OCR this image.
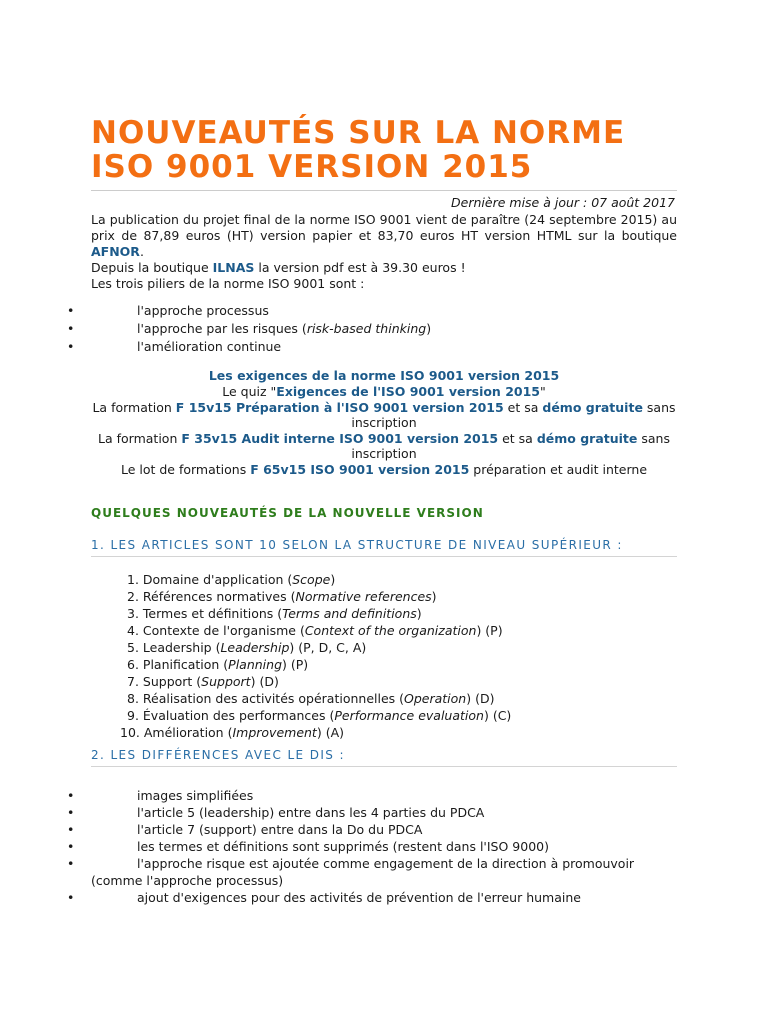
NOUVEAUTÉS SUR LA NORME
ISO 9001 VERSION 2015
Dernière mise à jour : 07 août 2017

La publication du projet final de la norme ISO 9001 vient de paraître (24 septembre 2015) au prix de 87,89 euros (HT) version papier et 83,70 euros HT version HTML sur la boutique AFNOR.

Depuis la boutique ILNAS la version pdf est à 39.30 euros !

Les trois piliers de la norme ISO 9001 sont :

•	l'approche processus
•	l'approche par les risques (risk-based thinking)
•	l'amélioration continue
Les exigences de la norme ISO 9001 version 2015
Le quiz "Exigences de l'ISO 9001 version 2015"
La formation F 15v15 Préparation à l'ISO 9001 version 2015 et sa démo gratuite sans inscription
La formation F 35v15 Audit interne ISO 9001 version 2015 et sa démo gratuite sans inscription
Le lot de formations F 65v15 ISO 9001 version 2015 préparation et audit interne
QUELQUES NOUVEAUTÉS DE LA NOUVELLE VERSION
1. LES ARTICLES SONT 10 SELON LA STRUCTURE DE NIVEAU SUPÉRIEUR :
1. Domaine d'application (Scope)
2. Références normatives (Normative references)
3. Termes et définitions (Terms and definitions)
4. Contexte de l'organisme (Context of the organization) (P)
5. Leadership (Leadership) (P, D, C, A)
6. Planification (Planning) (P)
7. Support (Support) (D)
8. Réalisation des activités opérationnelles (Operation) (D)
9. Évaluation des performances (Performance evaluation) (C)
10. Amélioration (Improvement) (A)
2. LES DIFFÉRENCES AVEC LE DIS :
•	images simplifiées
•	l'article 5 (leadership) entre dans les 4 parties du PDCA
•	l'article 7 (support) entre dans la Do du PDCA
•	les termes et définitions sont supprimés (restent dans l'ISO 9000)
•	l'approche risque est ajoutée comme engagement de la direction à promouvoir
(comme l'approche processus)
•	ajout d'exigences pour des activités de prévention de l'erreur humaine
